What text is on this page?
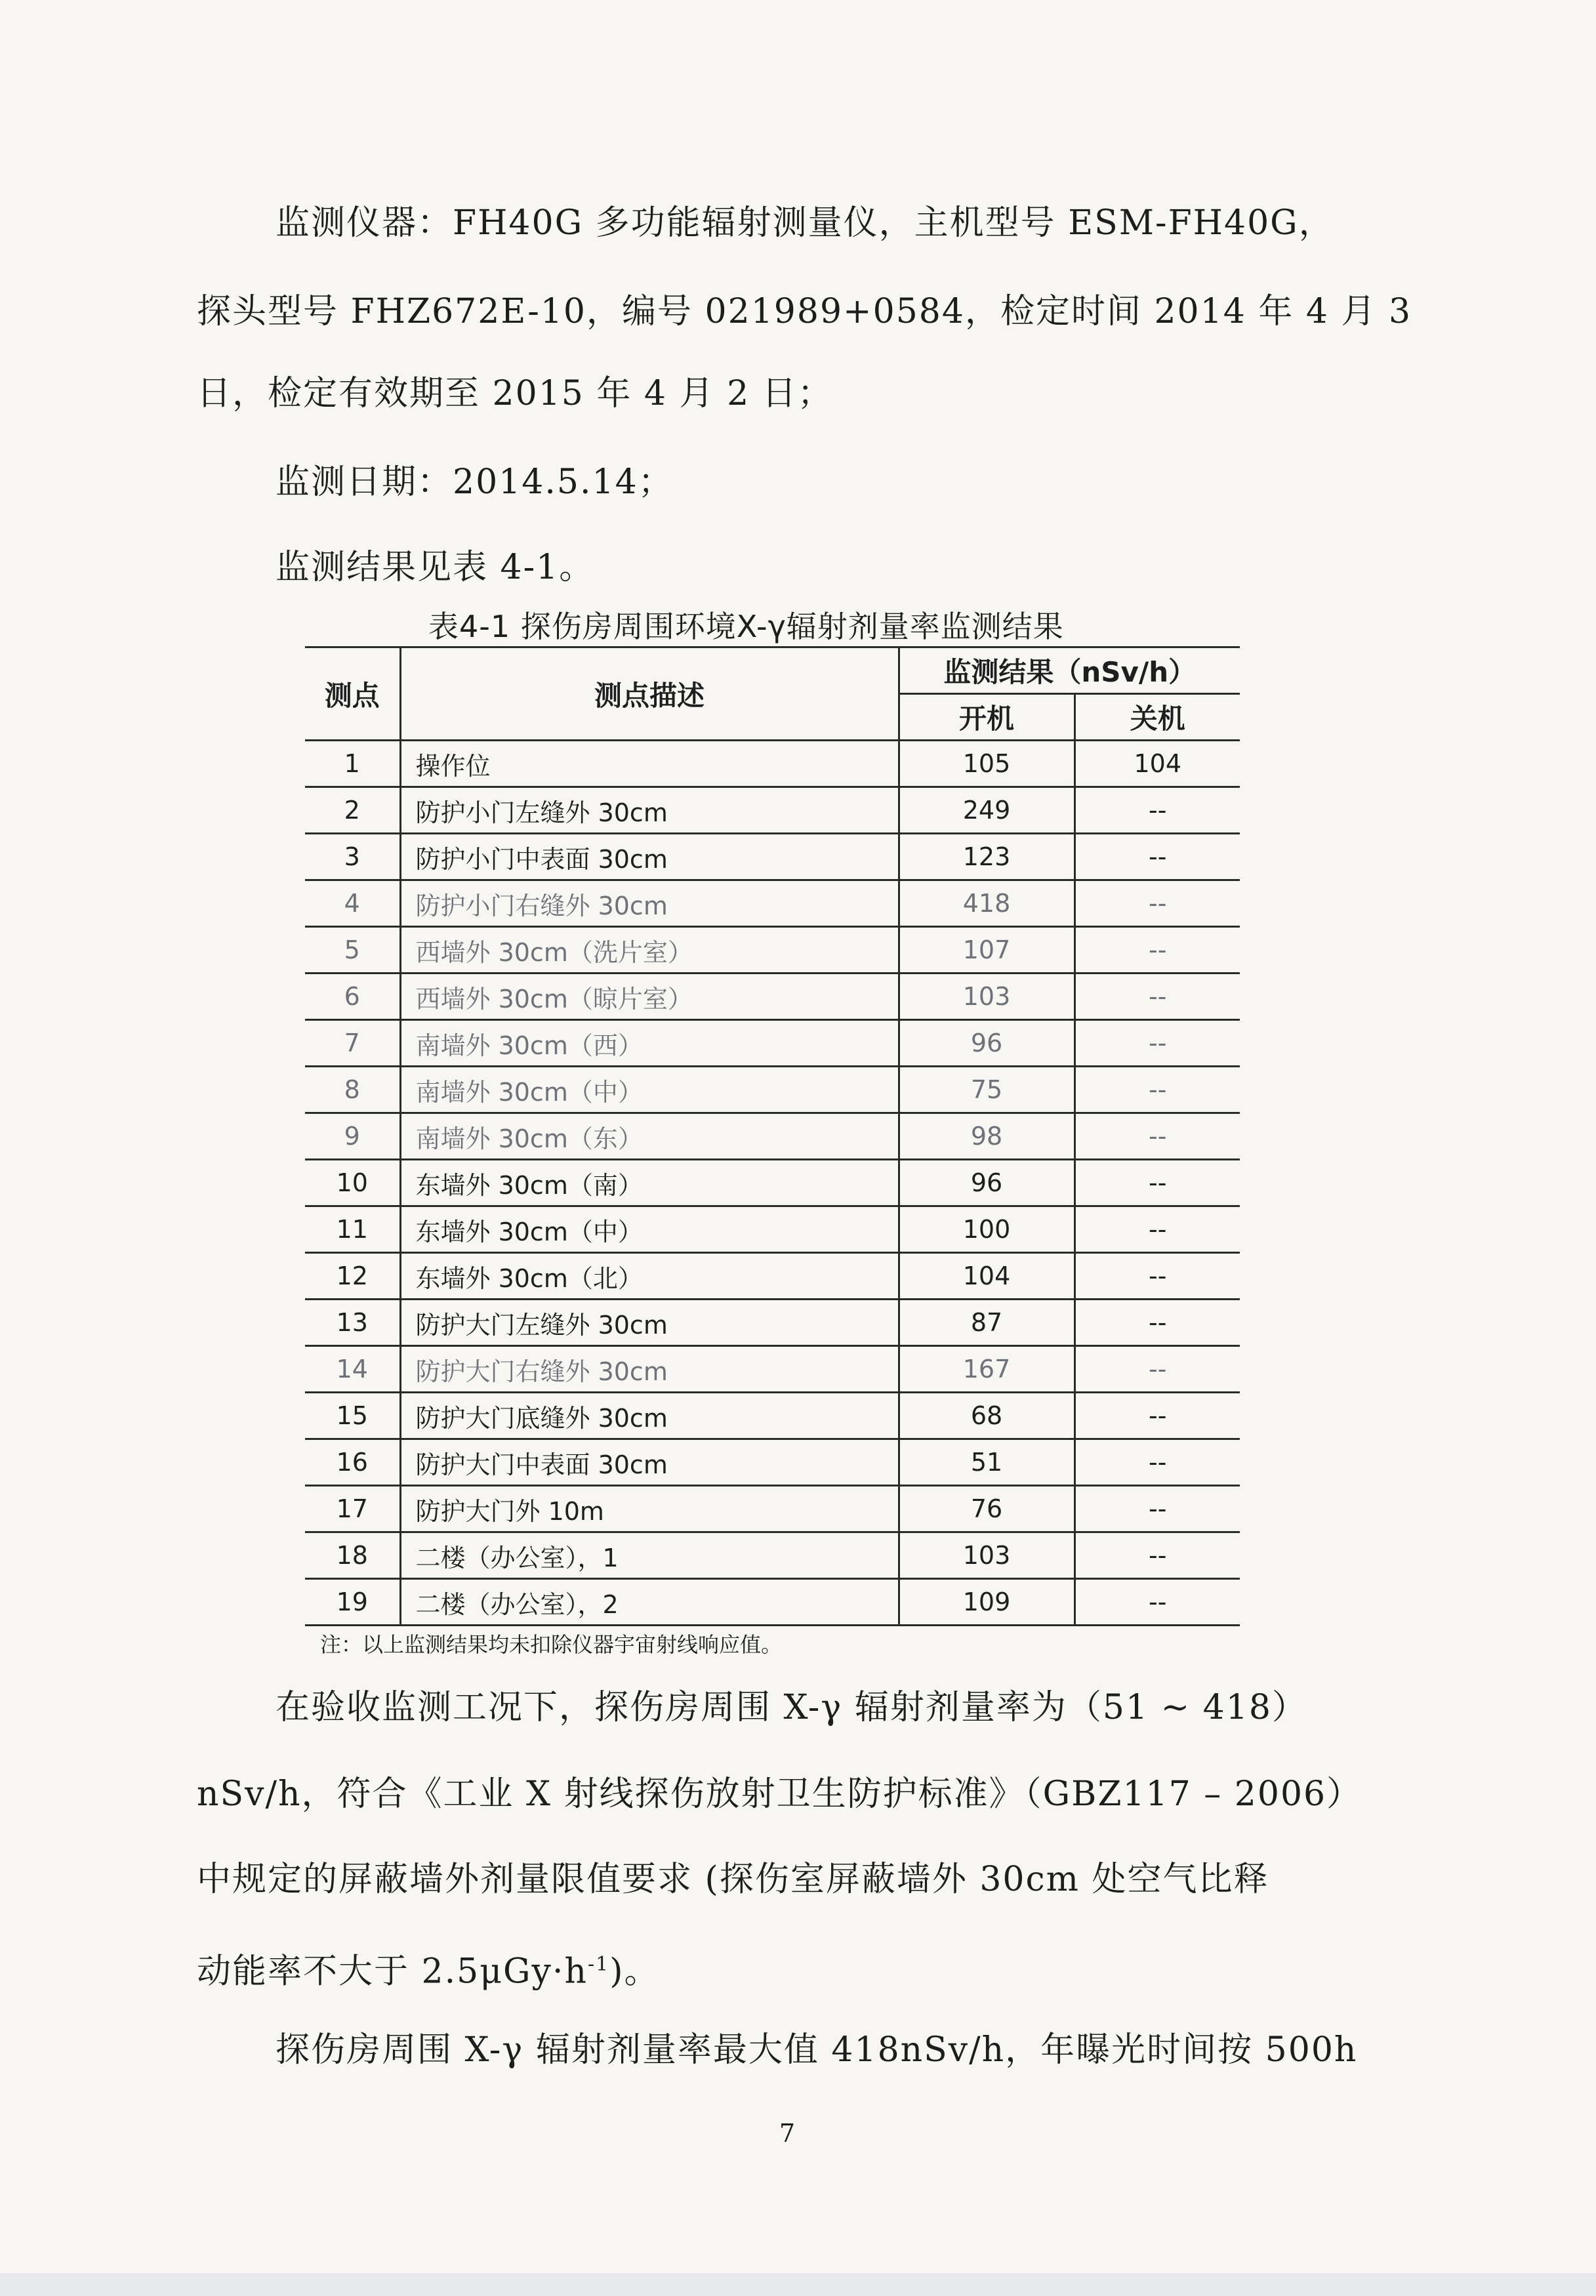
监测仪器：FH40G 多功能辐射测量仪，主机型号 ESM-FH40G，
探头型号 FHZ672E-10，编号 021989+0584，检定时间 2014 年 4 月 3
日，检定有效期至 2015 年 4 月 2 日；
监测日期：2014.5.14；
监测结果见表 4-1。
表4-1 探伤房周围环境X-γ辐射剂量率监测结果
测点	测点描述	监测结果（nSv/h）	
		开机	关机
1	操作位	105	104
2	防护小门左缝外 30cm	249	--
3	防护小门中表面 30cm	123	--
4	防护小门右缝外 30cm	418	--
5	西墙外 30cm（洗片室）	107	--
6	西墙外 30cm（晾片室）	103	--
7	南墙外 30cm（西）	96	--
8	南墙外 30cm（中）	75	--
9	南墙外 30cm（东）	98	--
10	东墙外 30cm（南）	96	--
11	东墙外 30cm（中）	100	--
12	东墙外 30cm（北）	104	--
13	防护大门左缝外 30cm	87	--
14	防护大门右缝外 30cm	167	--
15	防护大门底缝外 30cm	68	--
16	防护大门中表面 30cm	51	--
17	防护大门外 10m	76	--
18	二楼（办公室），1	103	--
19	二楼（办公室），2	109	--
注：以上监测结果均未扣除仪器宇宙射线响应值。
在验收监测工况下，探伤房周围 X-γ 辐射剂量率为（51 ~ 418）
nSv/h，符合《工业 X 射线探伤放射卫生防护标准》（GBZ117 – 2006）
中规定的屏蔽墙外剂量限值要求 (探伤室屏蔽墙外 30cm 处空气比释
动能率不大于 $2.5\mu Gy\cdot h^{-1}$)。
探伤房周围 X-γ 辐射剂量率最大值 418nSv/h，年曝光时间按 500h
7
